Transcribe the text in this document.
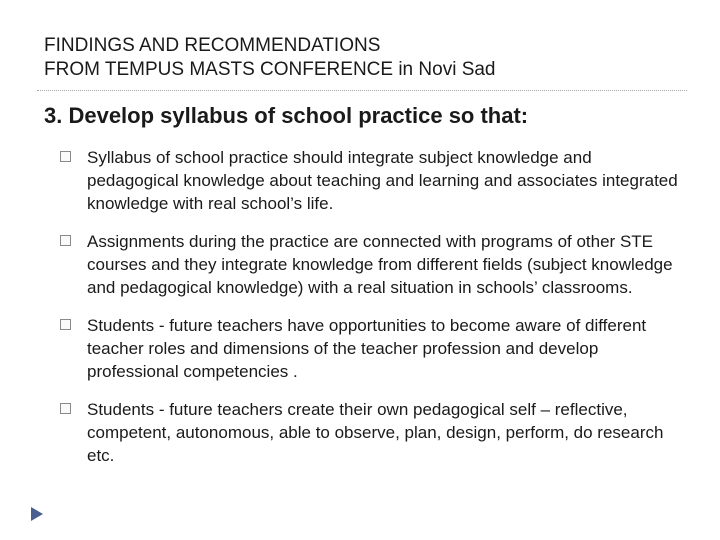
FINDINGS AND RECOMMENDATIONS
FROM TEMPUS MASTS CONFERENCE in Novi Sad
3. Develop syllabus of school practice so that:
Syllabus of school practice should integrate subject knowledge and pedagogical knowledge about teaching and learning and associates integrated knowledge with real school’s life.
Assignments during the practice are connected with programs of other STE courses and they integrate knowledge from different fields (subject knowledge and pedagogical knowledge) with a real situation in schools’ classrooms.
Students - future teachers have opportunities to become aware of different teacher roles and dimensions of the teacher profession and develop professional competencies .
Students - future teachers create their own pedagogical self – reflective, competent, autonomous, able to observe, plan, design, perform, do research etc.
